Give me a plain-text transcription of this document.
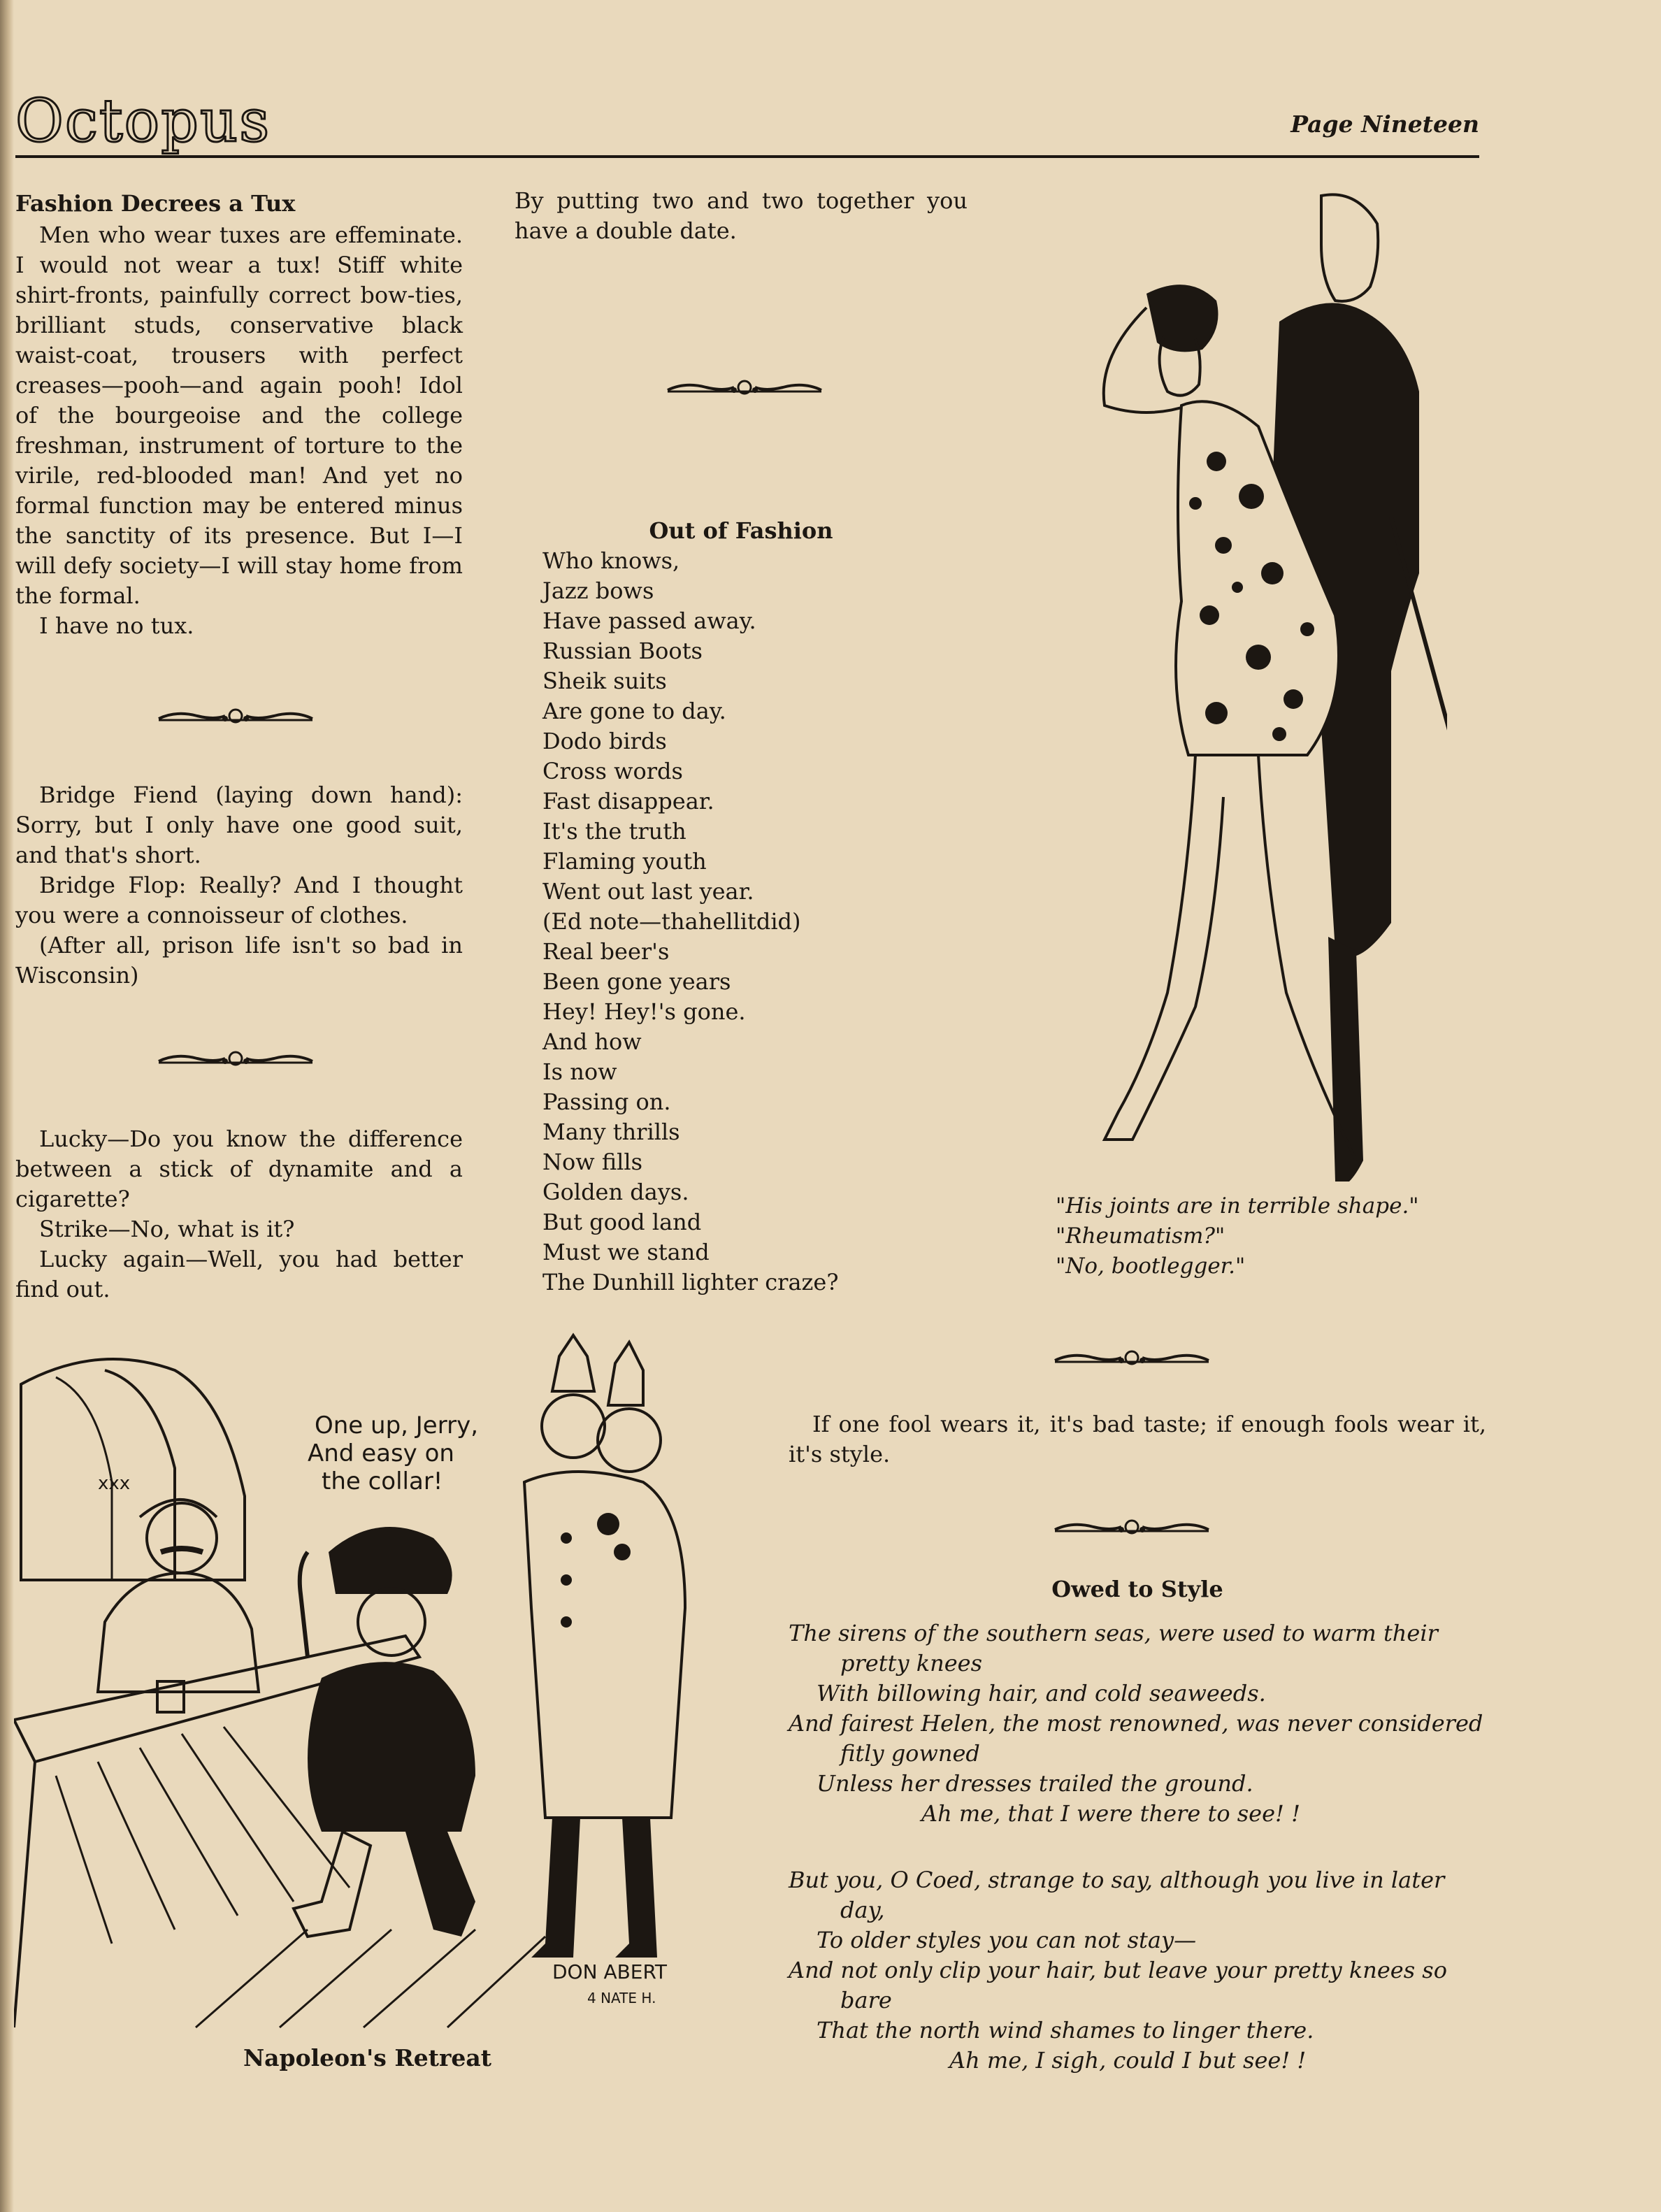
Octopus	Page Nineteen

Fashion Decrees a Tux

Men who wear tuxes are effeminate. I would not wear a tux! Stiff white shirt-fronts, painfully correct bow-ties, brilliant studs, conservative black waist-coat, trousers with perfect creases—pooh—and again pooh! Idol of the bourgeoise and the college freshman, instrument of torture to the virile, red-blooded man! And yet no formal function may be entered minus the sanctity of its presence. But I—I will defy society—I will stay home from the formal.

I have no tux.

Bridge Fiend (laying down hand): Sorry, but I only have one good suit, and that's short.

Bridge Flop: Really? And I thought you were a connoisseur of clothes.

(After all, prison life isn't so bad in Wisconsin)

Lucky—Do you know the difference between a stick of dynamite and a cigarette?

Strike—No, what is it?

Lucky again—Well, you had better find out.

By putting two and two together you have a double date.

Out of Fashion

Who knows,

Jazz bows

Have passed away.

Russian Boots

Sheik suits

Are gone to day.

Dodo birds

Cross words

Fast disappear.

It's the truth

Flaming youth

Went out last year.

(Ed note—thahellitdid)

Real beer's

Been gone years

Hey! Hey!'s gone.

And how

Is now

Passing on.

Many thrills

Now fills

Golden days.

But good land

Must we stand

The Dunhill lighter craze?

"His joints are in terrible shape."
"Rheumatism?"
"No, bootlegger."
xxx
One up, Jerry,
And easy on
the collar!
DON ABERT
4 NATE H.
Napoleon's Retreat

If one fool wears it, it's bad taste; if enough fools wear it, it's style.

Owed to Style

The sirens of the southern seas, were used to warm their pretty knees

With billowing hair, and cold seaweeds.

And fairest Helen, the most renowned, was never considered fitly gowned

Unless her dresses trailed the ground.

Ah me, that I were there to see! !

But you, O Coed, strange to say, although you live in later day,

To older styles you can not stay—

And not only clip your hair, but leave your pretty knees so bare

That the north wind shames to linger there.

Ah me, I sigh, could I but see! !
